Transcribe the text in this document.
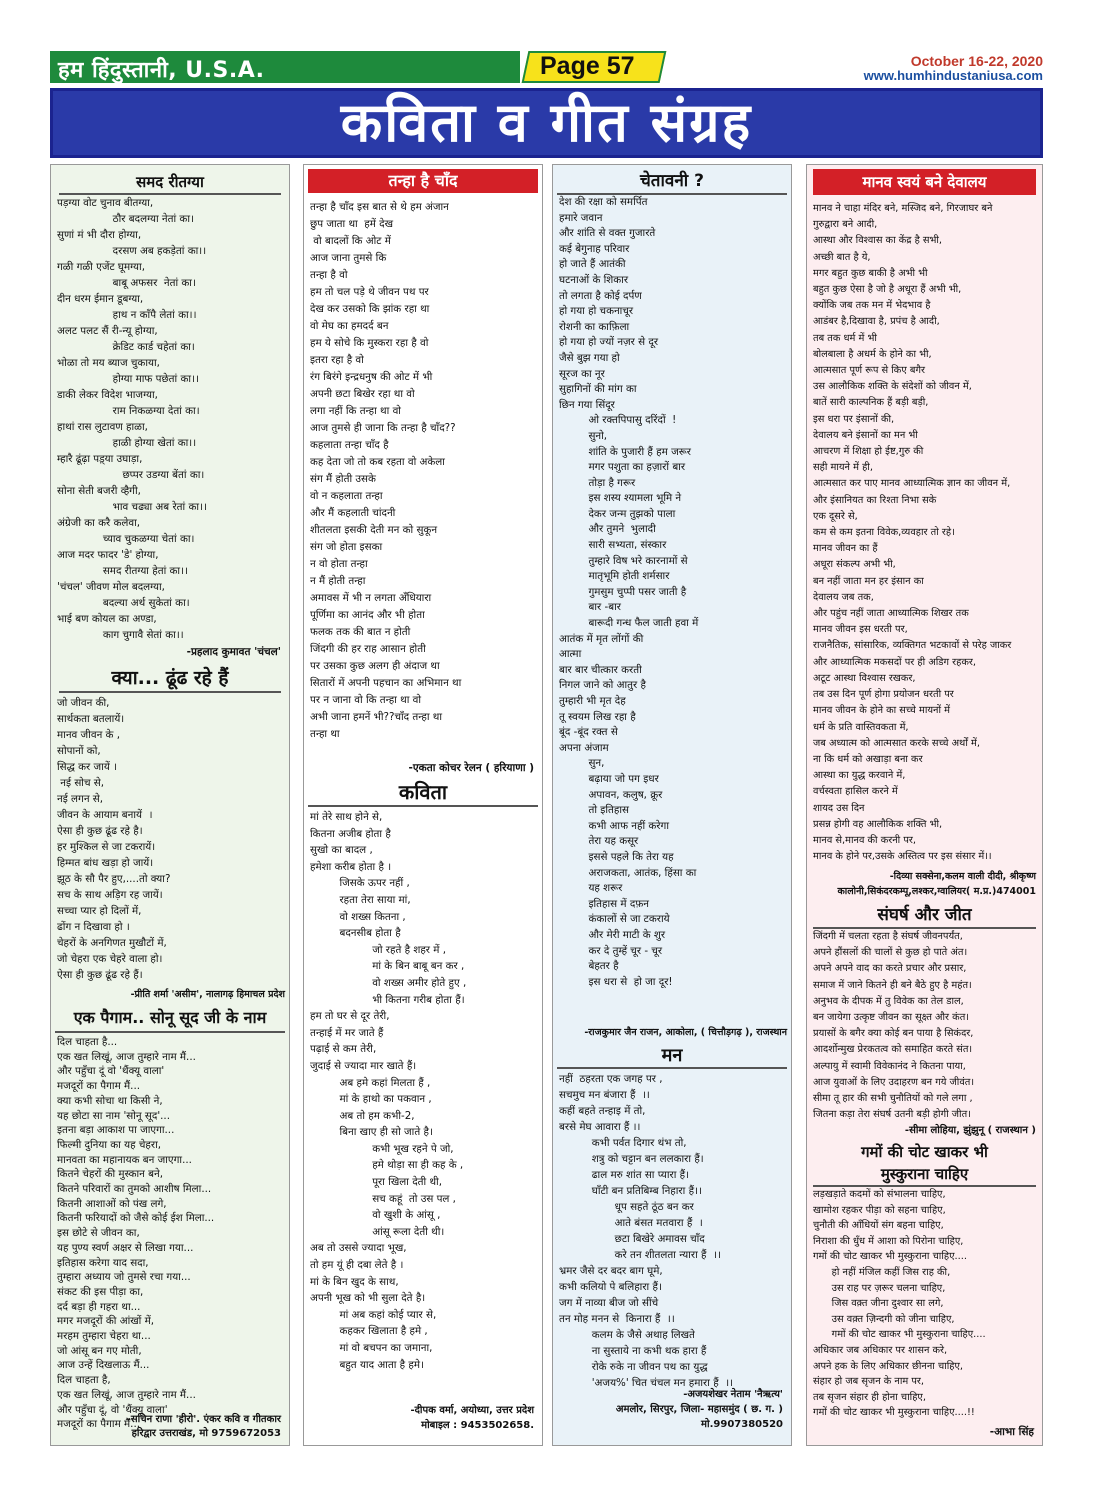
हम हिंदुस्तानी, U.S.A.	Page 57	October 16-22, 2020
www.humhindustaniusa.com
कविता व गीत संग्रह
समद रीतग्या
पड़ग्या वोट चुनाव बीतग्या,
ठौर बदलग्या नेतां का।
सुणां मं भी दौरा होग्या,
दरसण अब हकड़ेतां का।।
गळी गळी एजेंट घूमग्या,
बाबू अफसर  नेतां का।
दीन धरम ईमान डूबग्या,
हाथ न काँपै लेतां का।।
अलट पलट सैं री-न्यू होग्या,
क्रेडिट कार्ड चहेतां का।
भोळा तो मय ब्याज चुकाया,
होग्या माफ पछेतां का।।
डाकी लेकर विदेश भाजग्या,
राम निकळग्या देतां का।
हाथां रास लुटावण हाळा,
हाळी होग्या खेतां का।।
म्हारै ढूंढ़ा पड़्या उघाड़ा,
छप्पर उडग्या बेंतां का।
सोना सेती बजरी व्हैगी,
भाव चढ्या अब रेतां का।।
अंग्रेजी का करै कलेवा,
च्याव चुकळग्या चेतां का।
आज मदर फादर 'डे' होग्या,
समद रीतग्या हेतां का।।
'चंचल' जीवण मोल बदलग्या,
बदल्या अर्थ सुकेतां का।
भाई बण कोयल का अण्डा,
काग चुगावै सेतां का।।
-प्रहलाद कुमावत 'चंचल'
क्या... ढूंढ रहे हैं
जो जीवन की,
सार्थकता बतलायें।
मानव जीवन के ,
सोपानों को,
सिद्ध कर जायें ।
नई सोच से,
नई लगन से,
जीवन के आयाम बनायें  ।
ऐसा ही कुछ ढूंढ रहे है।
हर मुश्किल से जा टकरायें।
हिम्मत बांध खड़ा हो जायें।
झूठ के सौ पैर हुए,....तो क्या?
सच के साथ अड़िग रह जायें।
सच्चा प्यार हो दिलों में,
ढोंग न दिखावा हो ।
चेहरों के अनगिणत मुखौटों में,
जो चेहरा एक चेहरे वाला हो।
ऐसा ही कुछ ढूंढ रहे हैं।
-प्रीति शर्मा 'असीम', नालागढ़ हिमाचल प्रदेश
एक पैगाम.. सोनू सूद जी के नाम
दिल चाहता है...
एक खत लिखूं, आज तुम्हारे नाम मैं...
और पहुँचा दूं वो 'थैंक्यू वाला'
मजदूरों का पैगाम मैं...
क्या कभी सोचा था किसी ने,
यह छोटा सा नाम 'सोनू सूद'...
इतना बड़ा आकाश पा जाएगा...
फिल्मी दुनिया का यह चेहरा,
मानवता का महानायक बन जाएगा...
कितने चेहरों की मुस्कान बने,
कितने परिवारों का तुमको आशीष मिला...
कितनी आशाओं को पंख लगे,
कितनी फरियादों को जैसे कोई ईश मिला...
इस छोटे से जीवन का,
यह पुण्य स्वर्ण अक्षर से लिखा गया...
इतिहास करेगा याद सदा,
तुम्हारा अध्याय जो तुमसे रचा गया...
संकट की इस पीड़ा का,
दर्द बड़ा ही गहरा था...
मगर मजदूरों की आंखों में,
मरहम तुम्हारा चेहरा था...
जो आंसू बन गए मोती,
आज उन्हें दिखलाऊ मैं...
दिल चाहता है,
एक खत लिखूं, आज तुम्हारे नाम मैं...
और पहुँचा दूं, वो 'थैंक्यू वाला'
मजदूरों का पैगाम मैं...
-सचिन राणा 'हीरो'. एंकर कवि व गीतकार
हरिद्वार उत्तराखंड, मो 9759672053
तन्हा है चाँद
तन्हा है चाँद इस बात से थे हम अंजान
छुप जाता था  हमें देख
वो बादलों कि ओट में
आज जाना तुमसे कि
तन्हा है वो
हम तो चल पड़े थे जीवन पथ पर
देख कर उसको कि झांक रहा था
वो मेघ का हमदर्द बन
हम ये सोचे कि मुस्करा रहा है वो
इतरा रहा है वो
रंग बिरंगे इन्द्रधनुष की ओट में भी
अपनी छटा बिखेर रहा था वो
लगा नहीं कि तन्हा था वो
आज तुमसे ही जाना कि तन्हा है चाँद??
कहलाता तन्हा चाँद है
कह देता जो तो कब रहता वो अकेला
संग मैं होती उसके
वो न कहलाता तन्हा
और मैं कहलाती चांदनी
शीतलता इसकी देती मन को सुकून
संग जो होता इसका
न वो होता तन्हा
न मैं होती तन्हा
अमावस में भी न लगता अँधियारा
पूर्णिमा का आनंद और भी होता
फलक तक की बात न होती
जिंदगी की हर राह आसान होती
पर उसका कुछ अलग ही अंदाज था
सितारों में अपनी पहचान का अभिमान था
पर न जाना वो कि तन्हा था वो
अभी जाना हमनें भी??चाँद तन्हा था
तन्हा था
-एकता कोचर रेलन ( हरियाणा )
कविता
मां तेरे साथ होने से,
कितना अजीब होता है
सुखो का बादल ,
हमेशा करीब होता है ।
जिसके ऊपर नहीं ,
रहता तेरा साया मां,
वो शख्स कितना ,
बदनसीब होता है
जो रहते है शहर में ,
मां के बिन बाबू बन कर ,
वो शख्स अमीर होते हुए ,
भी कितना गरीब होता हैं।
हम तो घर से दूर तेरी,
तन्हाई में मर जाते हैं
पढ़ाई से कम तेरी,
जुदाई से ज्यादा मार खाते हैं।
अब हमे कहां मिलता हैं ,
मां के हाथो का पकवान ,
अब तो हम कभी-2,
बिना खाए ही सो जाते है।
कभी भूख रहने पे जो,
हमे थोड़ा सा ही कह के ,
पूरा खिला देती थी,
सच कहूं  तो उस पल ,
वो खुशी के आंसू ,
आंसू रूला देती थी।
अब तो उससे ज्यादा भूख,
तो हम यूं ही दबा लेते है ।
मां के बिन खुद के साथ,
अपनी भूख को भी सुला देते है।
मां अब कहां कोई प्यार से,
कहकर खिलाता है हमे ,
मां वो बचपन का जमाना,
बहुत याद आता है हमे।
-दीपक वर्मा, अयोध्या, उत्तर प्रदेश
मोबाइल : 9453502658.
चेतावनी ?
देश की रक्षा को समर्पित
हमारे जवान
और शांति से वक्त गुजारते
कई बेगुनाह परिवार
हो जाते हैं आतंकी
घटनाओं के शिकार
तो लगता है कोई दर्पण
हो गया हो चकनाचूर
रोशनी का काफ़िला
हो गया हो ज्यों नज़र से दूर
जैसे बुझ गया हो
सूरज का नूर
सुहागिनों की मांग का
छिन गया सिंदूर
ओ रक्तपिपासु दरिंदों  !
सुनो,
शांति के पुजारी हैं हम जरूर
मगर पशुता का हज़ारों बार
तोड़ा है गरूर
इस शस्य श्यामला भूमि ने
देकर जन्म तुझको पाला
और तुमने  भुलादी
सारी सभ्यता, संस्कार
तुम्हारे विष भरे कारनामों से
मातृभूमि होती शर्मसार
गुमसुम चुप्पी पसर जाती है
बार -बार
बारूदी गन्ध फैल जाती हवा में
आतंक में मृत लोंगों की
आत्मा
बार बार चीत्कार करती
निगल जाने को आतुर है
तुम्हारी भी मृत देह
तू स्वयम लिख रहा है
बूंद -बूंद रक्त से
अपना अंजाम
सुन,
बढ़ाया जो पग इधर
अपावन, कलुष, क्रूर
तो इतिहास
कभी आफ नहीं करेगा
तेरा यह कसूर
इससे पहले कि तेरा यह
अराजकता, आतंक, हिंसा का
यह शरूर
इतिहास में दफ़न
कंकालों से जा टकराये
और मेरी माटी के शुर
कर दे तुम्हें चूर - चूर
बेहतर है
इस धरा से  हो जा दूर!
-राजकुमार जैन राजन, आकोला, ( चित्तौड़गढ़ ), राजस्थान
मन
नहीं  ठहरता एक जगह पर ,
सचमुच मन बंजारा हैं  ।।
कहीं बहते तन्हाइ में तो,
बरसे मेघ आवारा हैं ।।
कभी पर्वत दिगार थंभ तो,
शत्रु को चट्टान बन ललकारा हैं।
ढाल मरु शांत सा प्यारा हैं।
घाँटी बन प्रतिबिम्ब निहारा हैं।।
धूप सहते ठूंठ बन कर
आते बंसत मतवारा हैं  ।
छटा बिखेरे अमावस चाँद
करे तन शीतलता न्यारा हैं  ।।
भ्रमर जैसे दर बदर बाग घूमे,
कभी कलियो पे बलिहारा हैं।
जग में नाव्या बीज जो सींचे
तन मोह मनन से  किनारा हैं  ।।
कलम के जैसे अथाह लिखते
ना सुस्ताये ना कभी थक हारा हैं
रोके रुके ना जीवन पथ का युद्ध
'अजय%' चित चंचल मन हमारा हैं  ।।
-अजयशेखर नेताम 'नैऋत्य'
अमलोर, सिरपुर, जिला- महासमुंद ( छ. ग. )
मो.9907380520
मानव स्वयं बने देवालय
मानव ने चाहा मंदिर बने, मस्जिद बने, गिरजाघर बने
गुरुद्वारा बने आदी,
आस्था और विश्वास का केंद्र है सभी,
अच्छी बात है ये,
मगर बहुत कुछ बाकी है अभी भी
बहुत कुछ ऐसा है जो है अधूरा हैं अभी भी,
क्योंकि जब तक मन में भेदभाव है
आडंबर है,दिखावा है, प्रपंच है आदी,
तब तक धर्म में भी
बोलबाला है अधर्म के होने का भी,
आत्मसात पूर्ण रूप से किए बगैर
उस आलौकिक शक्ति के संदेशों को जीवन में,
बातें सारी काल्पनिक हैं बड़ी बड़ी,
इस धरा पर इंसानों की,
देवालय बने इंसानों का मन भी
आचरण में शिक्षा हो ईष्ट,गुरु की
सही मायने में ही,
आत्मसात कर पाए मानव आध्यात्मिक ज्ञान का जीवन में,
और इंसानियत का रिश्ता निभा सके
एक दूसरे से,
कम से कम इतना विवेक,व्यवहार तो रहे।
मानव जीवन का हैं
अधूरा संकल्प अभी भी,
बन नहीं जाता मन हर इंसान का
देवालय जब तक,
और पहुंच नहीं जाता आध्यात्मिक शिखर तक
मानव जीवन इस धरती पर,
राजनैतिक, सांसारिक, व्यक्तिगत भटकावों से परेह जाकर
और आध्यात्मिक मकसदों पर ही अडिग रहकर,
अटूट आस्था विश्वास रखकर,
तब उस दिन पूर्ण होगा प्रयोजन धरती पर
मानव जीवन के होने का सच्चे मायनों में
धर्म के प्रति वास्तिवकता में,
जब अध्यात्म को आत्मसात करके सच्चे अर्थों में,
ना कि धर्म को अखाड़ा बना कर
आस्था का युद्ध करवाने में,
वर्चस्वता हासिल करने में
शायद उस दिन
प्रसन्न होगी वह आलौकिक शक्ति भी,
मानव से,मानव की करनी पर,
मानव के होने पर,उसके अस्तित्व पर इस संसार में।।
-दिव्या सक्सेना,कलम वाली दीदी, श्रीकृष्ण
कालोनी,सिकंदरकम्पू,लश्कर,ग्वालियर( म.प्र.)474001
संघर्ष और जीत
जिंदगी में चलता रहता है संघर्ष जीवनपर्यंत,
अपने हौंसलों की चालों से कुछ हो पाते अंत।
अपने अपने वाद का करते प्रचार और प्रसार,
समाज में जाने कितने ही बने बैठे हुए है महंत।
अनुभव के दीपक में तु विवेक का तेल डाल,
बन जायेगा उत्कृष्ट जीवन का सूक्ष्त और कंत।
प्रयासों के बगैर क्या कोई बन पाया है सिकंदर,
आदर्शोन्मुख प्रेरकतत्व को समाहित करते संत।
अल्पायु में स्वामी विवेकानंद ने कितना पाया,
आज युवाओं के लिए उदाहरण बन गये जीवंत।
सीमा तू हार की सभी चुनौतियों को गले लगा ,
जितना कड़ा तेरा संघर्ष उतनी बड़ी होगी जीत।
-सीमा लोहिया, झुंझुनू ( राजस्थान )
गमों की चोट खाकर भी
मुस्कुराना चाहिए
लड़खड़ाते कदमों को संभालना चाहिए,
खामोश रहकर पीड़ा को सहना चाहिए,
चुनौती की आँधियों संग बहना चाहिए,
निराशा की धुँध में आशा को पिरोना चाहिए,
गमों की चोट खाकर भी मुस्कुराना चाहिए....
हो नहीं मंजिल कहीं जिस राह की,
उस राह पर ज़रूर चलना चाहिए,
जिस वक़्त जीना दुश्वार सा लगे,
उस वक़्त ज़िन्दगी को जीना चाहिए,
गमों की चोट खाकर भी मुस्कुराना चाहिए....
अधिकार जब अधिकार पर शासन करे,
अपने हक के लिए अधिकार छीनना चाहिए,
संहार हो जब सृजन के नाम पर,
तब सृजन संहार ही होना चाहिए,
गमों की चोट खाकर भी मुस्कुराना चाहिए....!!
-आभा सिंह
